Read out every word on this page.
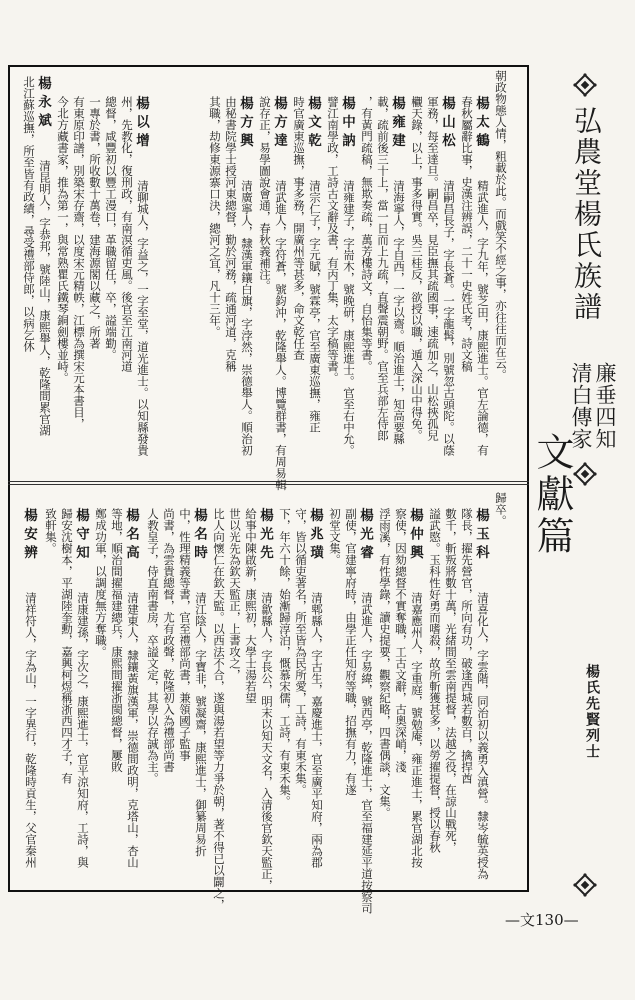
弘農堂楊氏族譜
廉垂四知
清白傳家
文獻篇
楊氏先賢列士
朝政物態人情，粗載於此。而戲笑不經之事，亦往往而在云。
楊太鶴
精武進人，字九年，號芝田，康熙進士。官左論德，有
春秋屬辭比事，史漢注辨誤，二十一史姓氏考，詩文稿
楊山松
清嗣昌長子，字長蒼。一字龍髯，別號忽古頭陀。以蔭
軍務，每至達旦。嗣昌卒，見臣撫其疏國事，速疏加之，山松挾孤兒
欟天錄，以上，事多得實。吳三桂反，欲授以職，遁入深山中得免。
楊雍建
清海寧人，字自西，一字以齋。順治進士，知高要縣
載，疏前後三十上，當一日而上九疏，直聲震朝野。官至兵部左侍郎
，有黃門疏稿，無欺奏疏，萬芳樓詩文，自怡集等書。
楊中訥
清雍建子，字耑木，號晚研，康熙進士。官至右中允。
譬江南學政，工詩古文辭及書，有丙丁集，太字稿等書。
楊文乾
清宗仁子，字元賦，號霖亭，官至廣東巡撫，雍正
時官廣東巡撫，事多務，開廣州等甚多，命文乾任查
楊方達
清武進人，字符蒼，號鈞沖，乾隆舉人。博覽群書，有周易輯
說存正，易學圖說會通，春秋義補注。
楊方興
清廣寧人，隸漢軍鑲白旗，字浡然，崇德舉人。順治初
由秘書院學士授河東總督，勤於河務，疏通河道，克稱
其職，劫修東源寨口決，總河之宜，凡十三年。
楊以增
清聊城人，字益之，一字至堂，道光進士。以知縣發貴
州，先教化，復刑政，有南溟循吏風。後官至江南河道
總督，咸豐初以豐工漫口，革職留任，卒，謚端勤。
一專於書，所收數十萬卷，建海源閣以藏之，所著
有東原印譜，別築宋存齋，以度宋元精帙，江標為撰宋元本書目，
今北方藏書家，推為第一，與常熟瞿氏鐵琴銅劍樓並峙。
楊永斌
清昆明人，字恭邦，號陸山，康熙舉人，乾隆間累官湖
北江蘇巡撫，所至皆有政績，尋受禮部侍郎，以病乞休
歸卒。
楊玉科
清喜化人，字雲階，同治初以義勇入滇營。隸岑毓英授為
隊長，擢先營官，所向有功，破逢西城若數百，擒捍酋
數千，斬叛將數十萬，光緒間至雲南提督，法越之役，在諒山戰死，
謚武愍。玉科性好勇而嗜殺，故所斬獲甚多，以勞擢提督，授以春秋
楊仲興
清嘉應州人，字重庭，號勉庵，雍正進士，累官湖北按
察使，因劾總督不實奪職，工古文辭，古奧深峭，淺
浮雨溪，有性學錄，讀史提要，觀察紀略，四書偶談，文集。
楊光睿
清武進人，字易緯，號西亭，乾隆進士，官至福建延平道按察司
副使，官建寧府時，由學正任知府等職，招撫有力，有遂
初堂文集。
楊兆璜
清郫縣人，字古生，嘉慶進士，官至廣平知府，兩為郡
守，皆以循吏著名，所至皆為民所愛，工詩，有東禾集。
下，年六十餘，始漸歸淳泊，慨慕宋儒，工詩，有東禾集。
楊光先
清歙縣人，字長公，明末以知天文名，入清後官欽天監正，
給事中陳啟新，康熙初，大學士湯若望
世以光先為欽天監正，上書攻之，
比人向懷仁在欽天監。以西法不合，遂與湯若望等力爭於朝，著不得已以闢之，
楊名時
清江陰人，字寶非，號凝齋，康熙進士，御纂周易折
中，性理精義等書，官至禮部尚書，兼領國子監事
尚書，為雲貴總督，尤有政聲，乾隆初入為禮部尚書
人教皇子，侍直南書房，卒謚文定，其學以存誠為主。
楊名高
清建東人，隸鑲黃旗漢軍，崇德間政明，克塔山，杏山
等地，順治間擢福建總兵，康熙間擢浙閩總督，屢敗
鄭成功軍，以調度無方奪職。
楊守知
清康建孫，字次之，康熙進士，官平涼知府，工詩，與
歸安沈樹本，平湖陸奎勳，嘉興柯煜稱浙西四才子，有
致軒集。
楊安辨
清祥符人，字為山，一字異行，乾隆時貢生，父官秦州
—文130—
